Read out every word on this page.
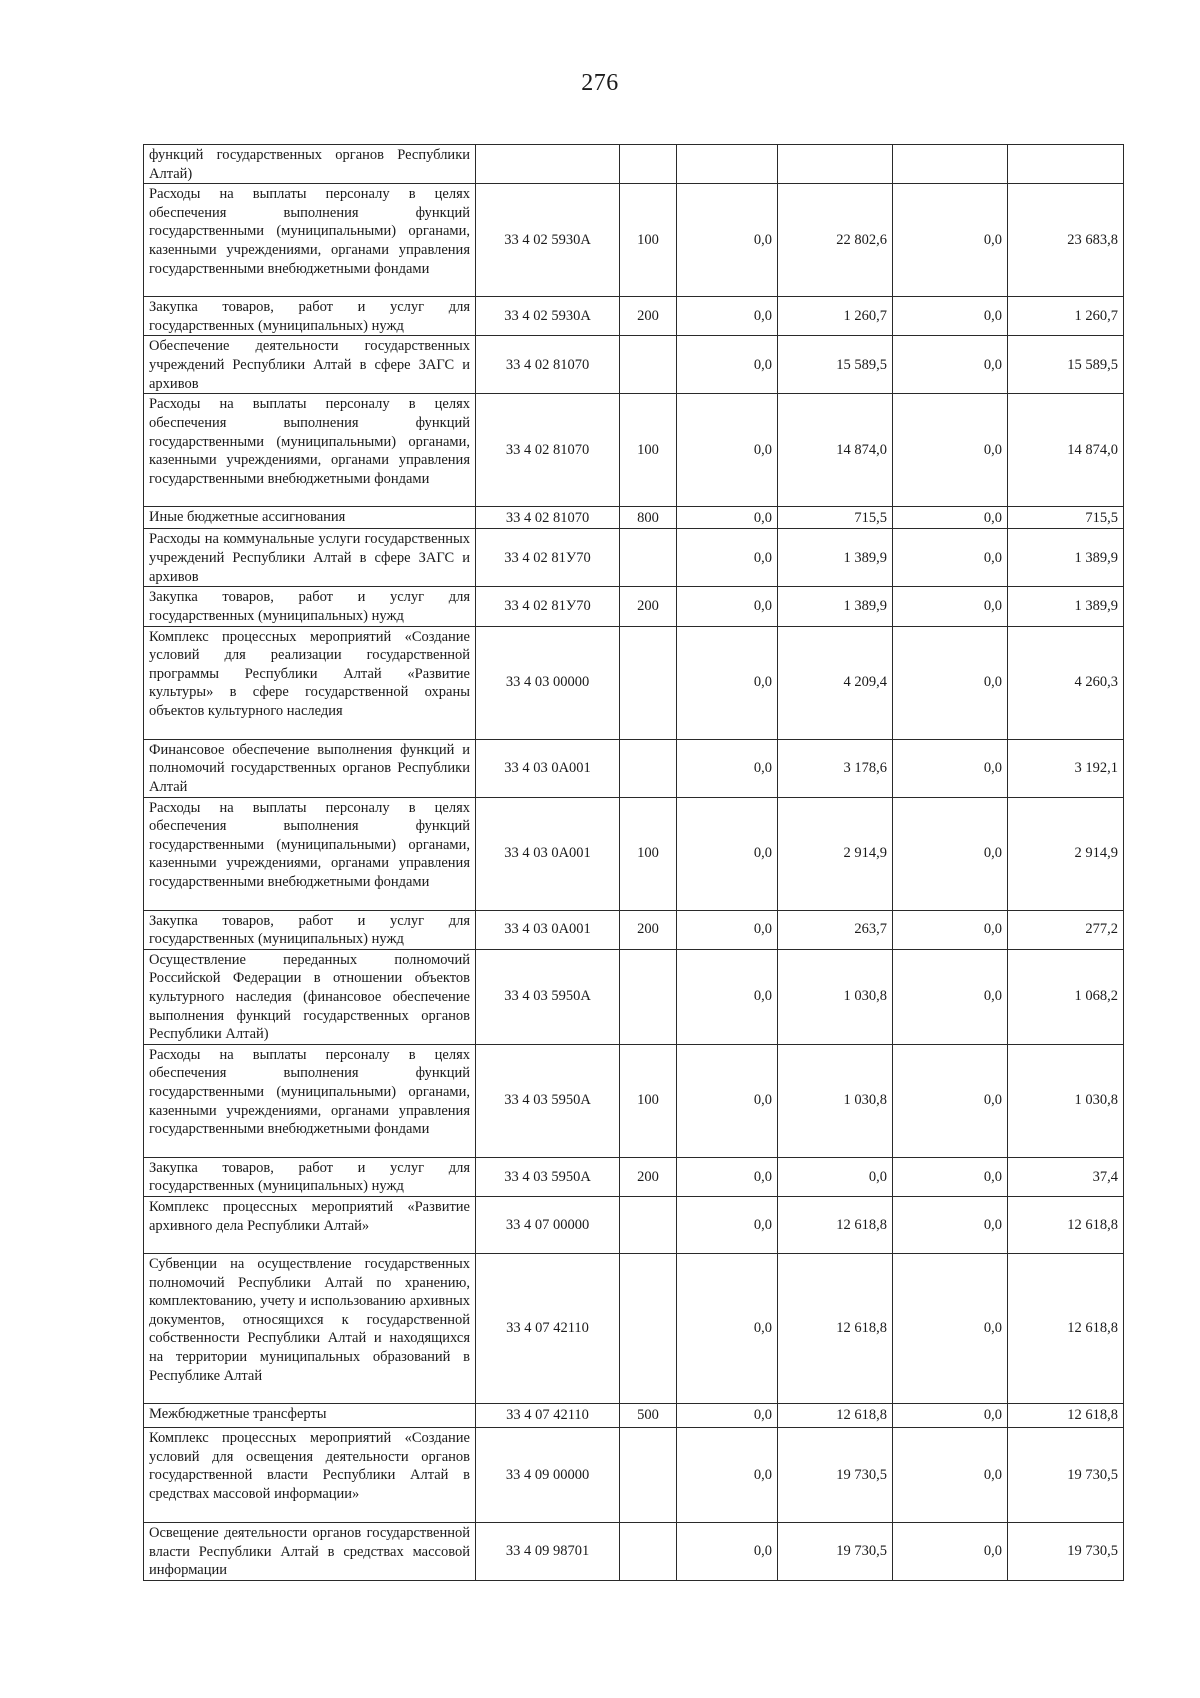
276
функций государственных органов Республики Алтай)						
Расходы на выплаты персоналу в целях обеспечения выполнения функций государственными (муниципальными) органами, казенными учреждениями, органами управления государственными внебюджетными фондами	33 4 02 5930А	100	0,0	22 802,6	0,0	23 683,8
Закупка товаров, работ и услуг для государственных (муниципальных) нужд	33 4 02 5930А	200	0,0	1 260,7	0,0	1 260,7
Обеспечение деятельности государственных учреждений Республики Алтай в сфере ЗАГС и архивов	33 4 02 81070		0,0	15 589,5	0,0	15 589,5
Расходы на выплаты персоналу в целях обеспечения выполнения функций государственными (муниципальными) органами, казенными учреждениями, органами управления государственными внебюджетными фондами	33 4 02 81070	100	0,0	14 874,0	0,0	14 874,0
Иные бюджетные ассигнования	33 4 02 81070	800	0,0	715,5	0,0	715,5
Расходы на коммунальные услуги государственных учреждений Республики Алтай в сфере ЗАГС и архивов	33 4 02 81У70		0,0	1 389,9	0,0	1 389,9
Закупка товаров, работ и услуг для государственных (муниципальных) нужд	33 4 02 81У70	200	0,0	1 389,9	0,0	1 389,9
Комплекс процессных мероприятий «Создание условий для реализации государственной программы Республики Алтай «Развитие культуры» в сфере государственной охраны объектов культурного наследия	33 4 03 00000		0,0	4 209,4	0,0	4 260,3
Финансовое обеспечение выполнения функций и полномочий государственных органов Республики Алтай	33 4 03 0А001		0,0	3 178,6	0,0	3 192,1
Расходы на выплаты персоналу в целях обеспечения выполнения функций государственными (муниципальными) органами, казенными учреждениями, органами управления государственными внебюджетными фондами	33 4 03 0А001	100	0,0	2 914,9	0,0	2 914,9
Закупка товаров, работ и услуг для государственных (муниципальных) нужд	33 4 03 0А001	200	0,0	263,7	0,0	277,2
Осуществление переданных полномочий Российской Федерации в отношении объектов культурного наследия (финансовое обеспечение выполнения функций государственных органов Республики Алтай)	33 4 03 5950А		0,0	1 030,8	0,0	1 068,2
Расходы на выплаты персоналу в целях обеспечения выполнения функций государственными (муниципальными) органами, казенными учреждениями, органами управления государственными внебюджетными фондами	33 4 03 5950А	100	0,0	1 030,8	0,0	1 030,8
Закупка товаров, работ и услуг для государственных (муниципальных) нужд	33 4 03 5950А	200	0,0	0,0	0,0	37,4
Комплекс процессных мероприятий «Развитие архивного дела Республики Алтай»	33 4 07 00000		0,0	12 618,8	0,0	12 618,8
Субвенции на осуществление государственных полномочий Республики Алтай по хранению, комплектованию, учету и использованию архивных документов, относящихся к государственной собственности Республики Алтай и находящихся на территории муниципальных образований в Республике Алтай	33 4 07 42110		0,0	12 618,8	0,0	12 618,8
Межбюджетные трансферты	33 4 07 42110	500	0,0	12 618,8	0,0	12 618,8
Комплекс процессных мероприятий «Создание условий для освещения деятельности органов государственной власти Республики Алтай в средствах массовой информации»	33 4 09 00000		0,0	19 730,5	0,0	19 730,5
Освещение деятельности органов государственной власти Республики Алтай в средствах массовой информации	33 4 09 98701		0,0	19 730,5	0,0	19 730,5
